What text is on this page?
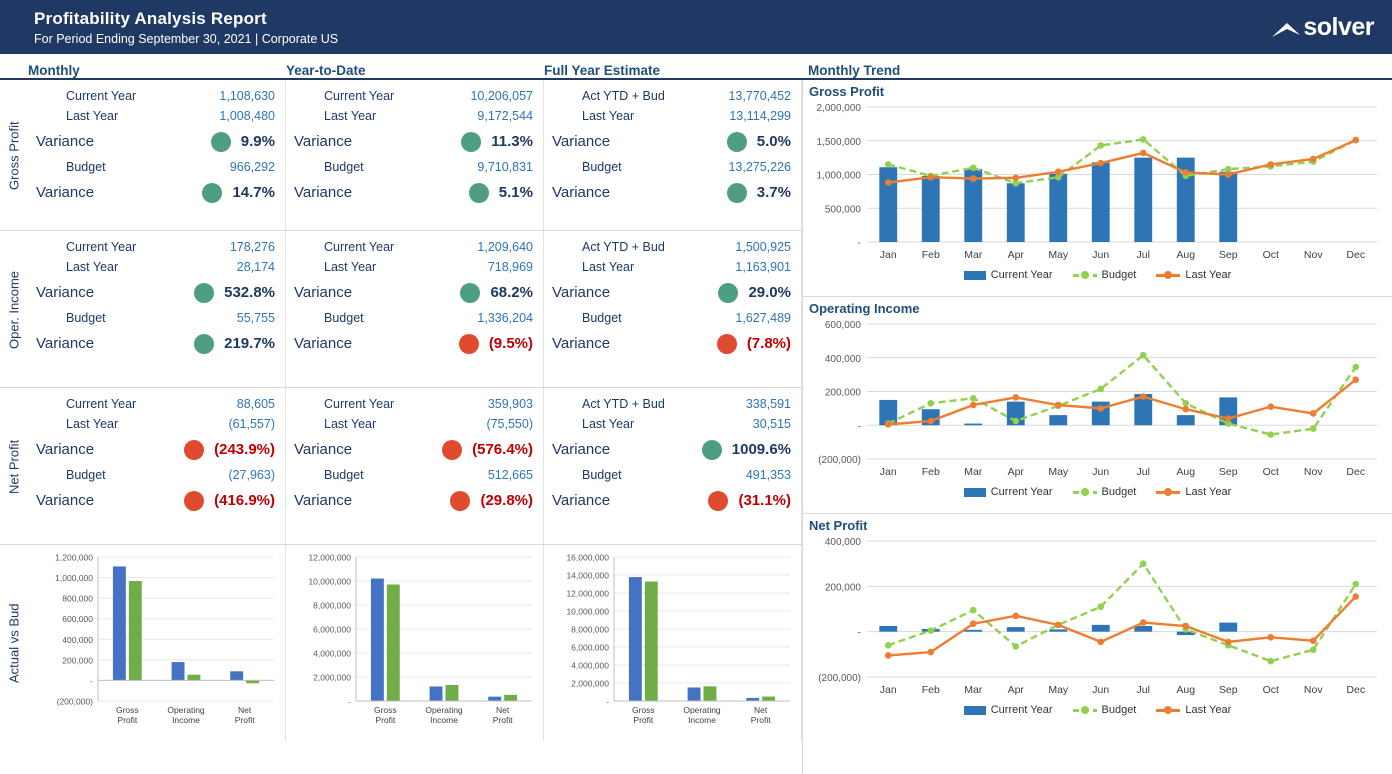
Profitability Analysis Report
For Period Ending September 30, 2021 | Corporate US	solver
Monthly	Year-to-Date	Full Year Estimate	Monthly Trend
Gross Profit
Current Year	1,108,630
Last Year	1,008,480
Variance	9.9%
Budget	966,292
Variance	14.7%
Current Year	10,206,057
Last Year	9,172,544
Variance	11.3%
Budget	9,710,831
Variance	5.1%
Act YTD + Bud	13,770,452
Last Year	13,114,299
Variance	5.0%
Budget	13,275,226
Variance	3.7%
Oper. Income
Current Year	178,276
Last Year	28,174
Variance	532.8%
Budget	55,755
Variance	219.7%
Current Year	1,209,640
Last Year	718,969
Variance	68.2%
Budget	1,336,204
Variance	(9.5%)
Act YTD + Bud	1,500,925
Last Year	1,163,901
Variance	29.0%
Budget	1,627,489
Variance	(7.8%)
Net Profit
Current Year	88,605
Last Year	(61,557)
Variance	(243.9%)
Budget	(27,963)
Variance	(416.9%)
Current Year	359,903
Last Year	(75,550)
Variance	(576.4%)
Budget	512,665
Variance	(29.8%)
Act YTD + Bud	338,591
Last Year	30,515
Variance	1009.6%
Budget	491,353
Variance	(31.1%)
Actual vs Bud
(200,000)
-
200,000
400,000
600,000
800,000
1,000,000
1,200,000
Gross
Profit
Operating
Income
Net
Profit
-
2,000,000
4,000,000
6,000,000
8,000,000
10,000,000
12,000,000
Gross
Profit
Operating
Income
Net
Profit
-
2,000,000
4,000,000
6,000,000
8,000,000
10,000,000
12,000,000
14,000,000
16,000,000
Gross
Profit
Operating
Income
Net
Profit
Gross Profit
-
500,000
1,000,000
1,500,000
2,000,000
Jan Feb Mar Apr May Jun	Jul	Aug Sep Oct Nov Dec
Current Year	Budget	Last Year
Operating Income
(200,000)
-
200,000
400,000
600,000
Jan Feb Mar Apr May Jun	Jul	Aug Sep Oct Nov Dec
Current Year	Budget	Last Year
Net Profit
(200,000)
-
200,000
400,000
Jan Feb Mar Apr May Jun	Jul	Aug Sep Oct Nov Dec
Current Year	Budget	Last Year
